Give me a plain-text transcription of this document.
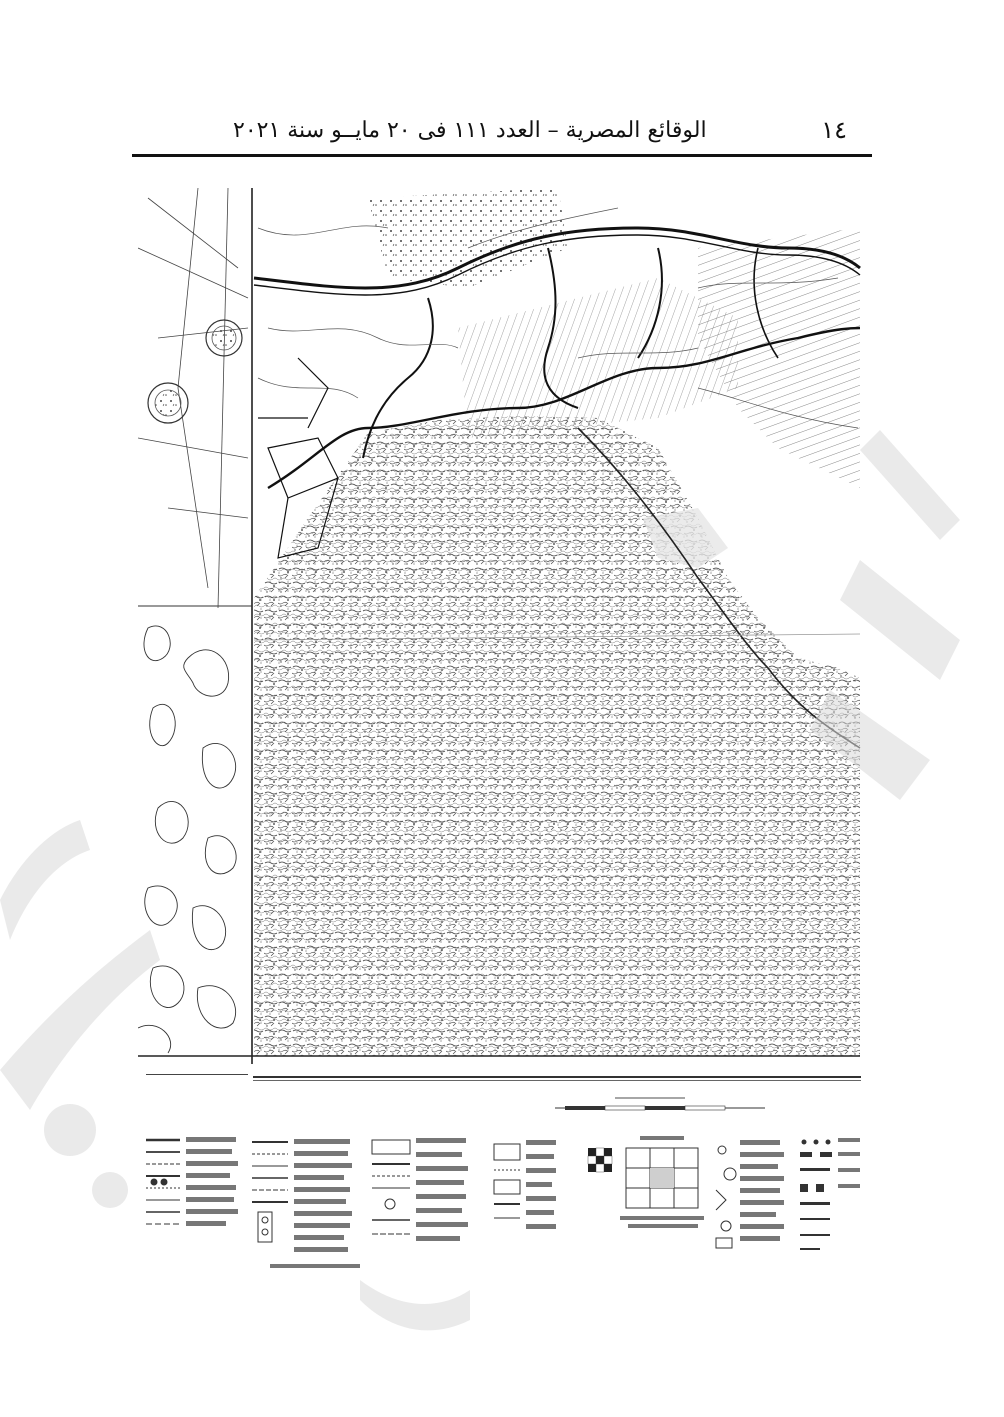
الوقائع المصرية – العدد ١١١ فى ٢٠ مايــو سنة ٢٠٢١	١٤
